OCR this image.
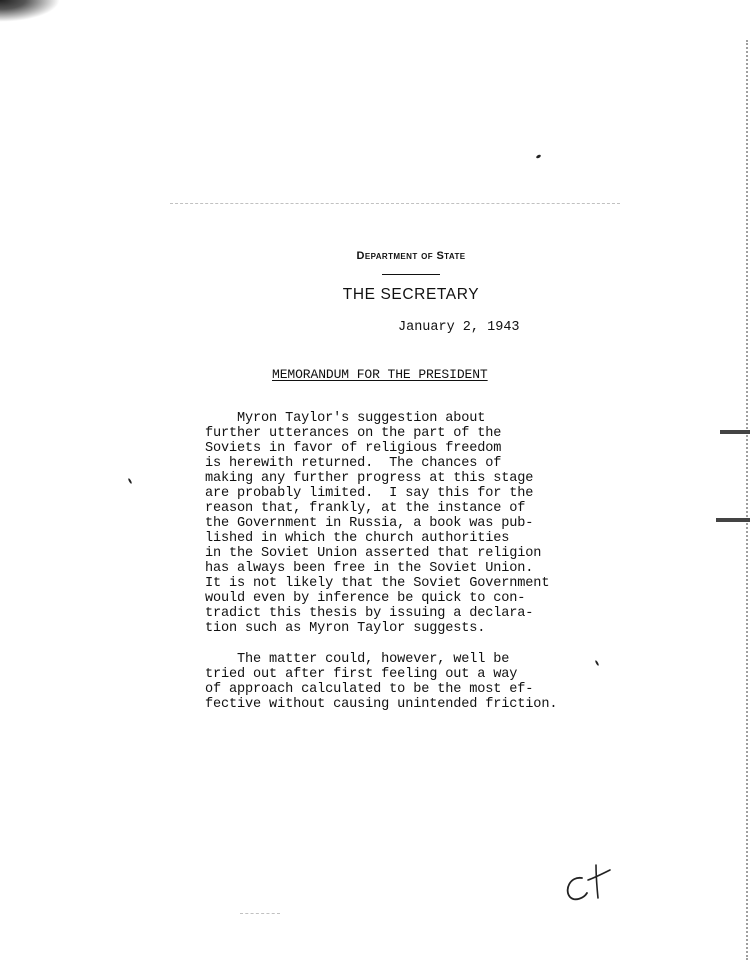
Department of State
THE SECRETARY
January 2, 1943
MEMORANDUM FOR THE PRESIDENT
Myron Taylor's suggestion about
further utterances on the part of the
Soviets in favor of religious freedom
is herewith returned.  The chances of
making any further progress at this stage
are probably limited.  I say this for the
reason that, frankly, at the instance of
the Government in Russia, a book was pub-
lished in which the church authorities
in the Soviet Union asserted that religion
has always been free in the Soviet Union.
It is not likely that the Soviet Government
would even by inference be quick to con-
tradict this thesis by issuing a declara-
tion such as Myron Taylor suggests.
The matter could, however, well be
tried out after first feeling out a way
of approach calculated to be the most ef-
fective without causing unintended friction.
